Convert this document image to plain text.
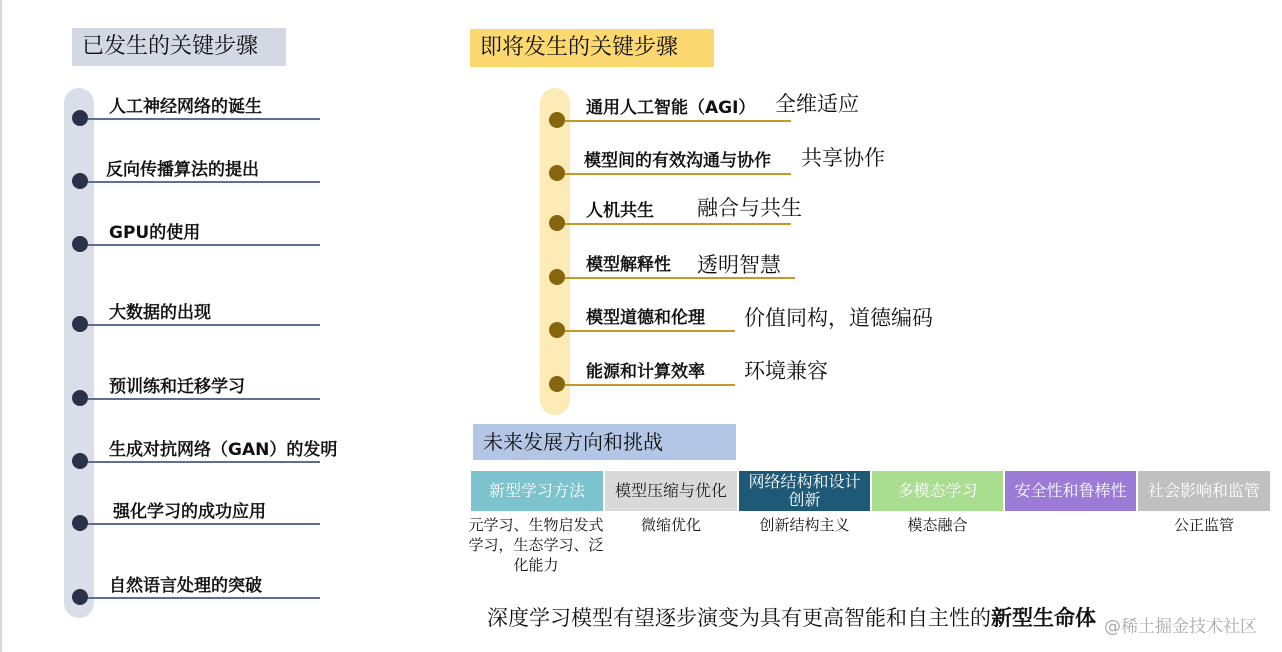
已发生的关键步骤	即将发生的关键步骤
未来发展方向和挑战
人工神经网络的诞生
反向传播算法的提出
GPU的使用
大数据的出现
预训练和迁移学习
生成对抗网络（GAN）的发明
强化学习的成功应用
自然语言处理的突破
通用人工智能（AGI） 全维适应
模型间的有效沟通与协作 共享协作
人机共生 融合与共生
模型解释性 透明智慧
模型道德和伦理 价值同构，道德编码
能源和计算效率 环境兼容
新型学习方法
元学习、生物启发式学习，生态学习、泛化能力
模型压缩与优化
微缩优化
网络结构和设计创新
创新结构主义
多模态学习
模态融合
安全性和鲁棒性	社会影响和监管
公正监管
深度学习模型有望逐步演变为具有更高智能和自主性的新型生命体 @稀土掘金技术社区
